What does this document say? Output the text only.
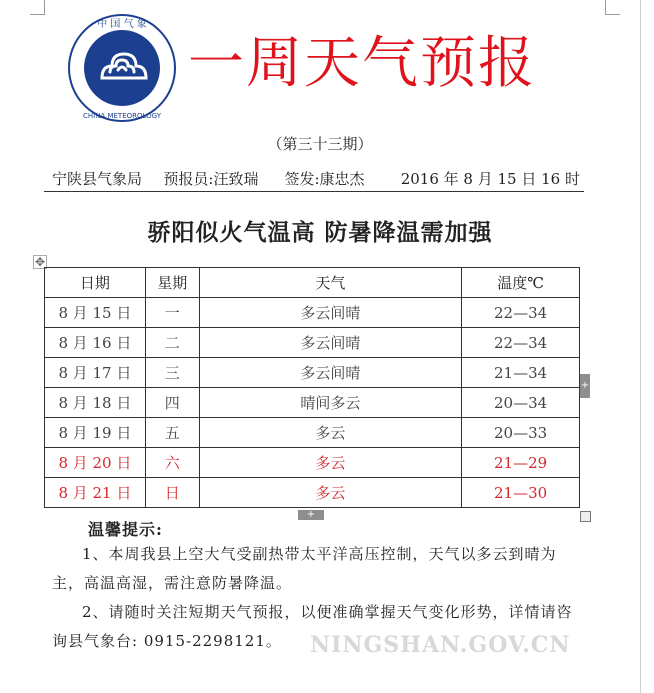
中 国 气 象
CHINA METEOROLOGY
一周天气预报
（第三十三期）
宁陕县气象局	预报员:汪致瑞	签发:康忠杰	2016 年 8 月 15 日 16 时
骄阳似火气温高 防暑降温需加强
✥
日期	星期	天气	温度℃
8 月 15 日	一	多云间晴	22—34
8 月 16 日	二	多云间晴	22—34
8 月 17 日	三	多云间晴	21—34
8 月 18 日	四	晴间多云	20—34
8 月 19 日	五	多云	20—33
8 月 20 日	六	多云	21—29
8 月 21 日	日	多云	21—30
+
+
温馨提示:

1、本周我县上空大气受副热带太平洋高压控制，天气以多云到晴为主，高温高湿，需注意防暑降温。

2、请随时关注短期天气预报，以便准确掌握天气变化形势，详情请咨询县气象台: 0915-2298121。	NINGSHAN.GOV.CN
